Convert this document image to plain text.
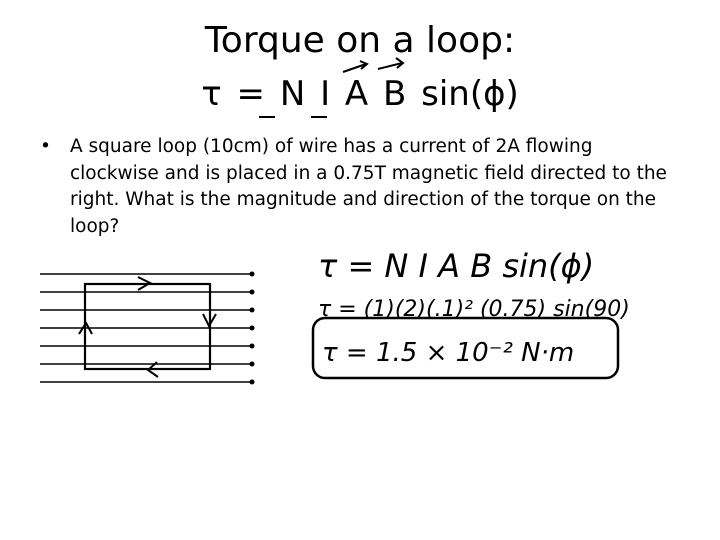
Torque on a loop:
τ = N I A B sin(ϕ)
• A square loop (10cm) of wire has a current of 2A flowing clockwise and is placed in a 0.75T magnetic field directed to the right. What is the magnitude and direction of the torque on the loop?
τ = N I A B sin(ϕ)
τ = (1)(2)(.1)² (0.75) sin(90)
τ = 1.5 × 10⁻² N·m
